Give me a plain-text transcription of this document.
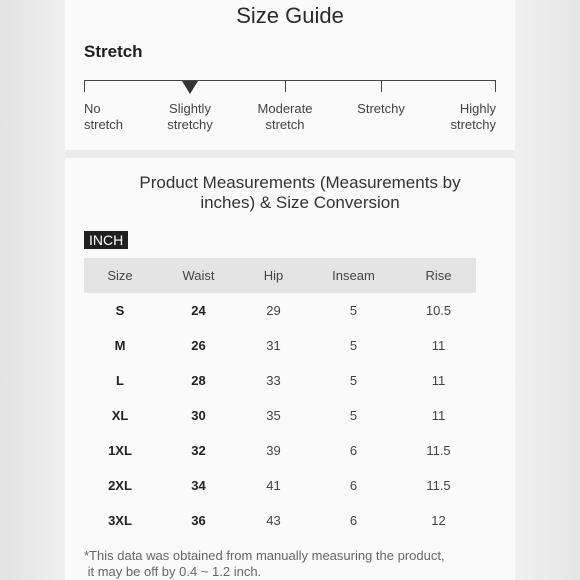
Size Guide
Stretch
No
stretch
Slightly
stretchy
Moderate
stretch
Stretchy	Highly
stretchy
Product Measurements (Measurements by
inches) & Size Conversion
INCH
Size	Waist	Hip	Inseam	Rise
S	24	29	5	10.5
M	26	31	5	11
L	28	33	5	11
XL	30	35	5	11
1XL	32	39	6	11.5
2XL	34	41	6	11.5
3XL	36	43	6	12
*This data was obtained from manually measuring the product,
it may be off by 0.4 ~ 1.2 inch.
